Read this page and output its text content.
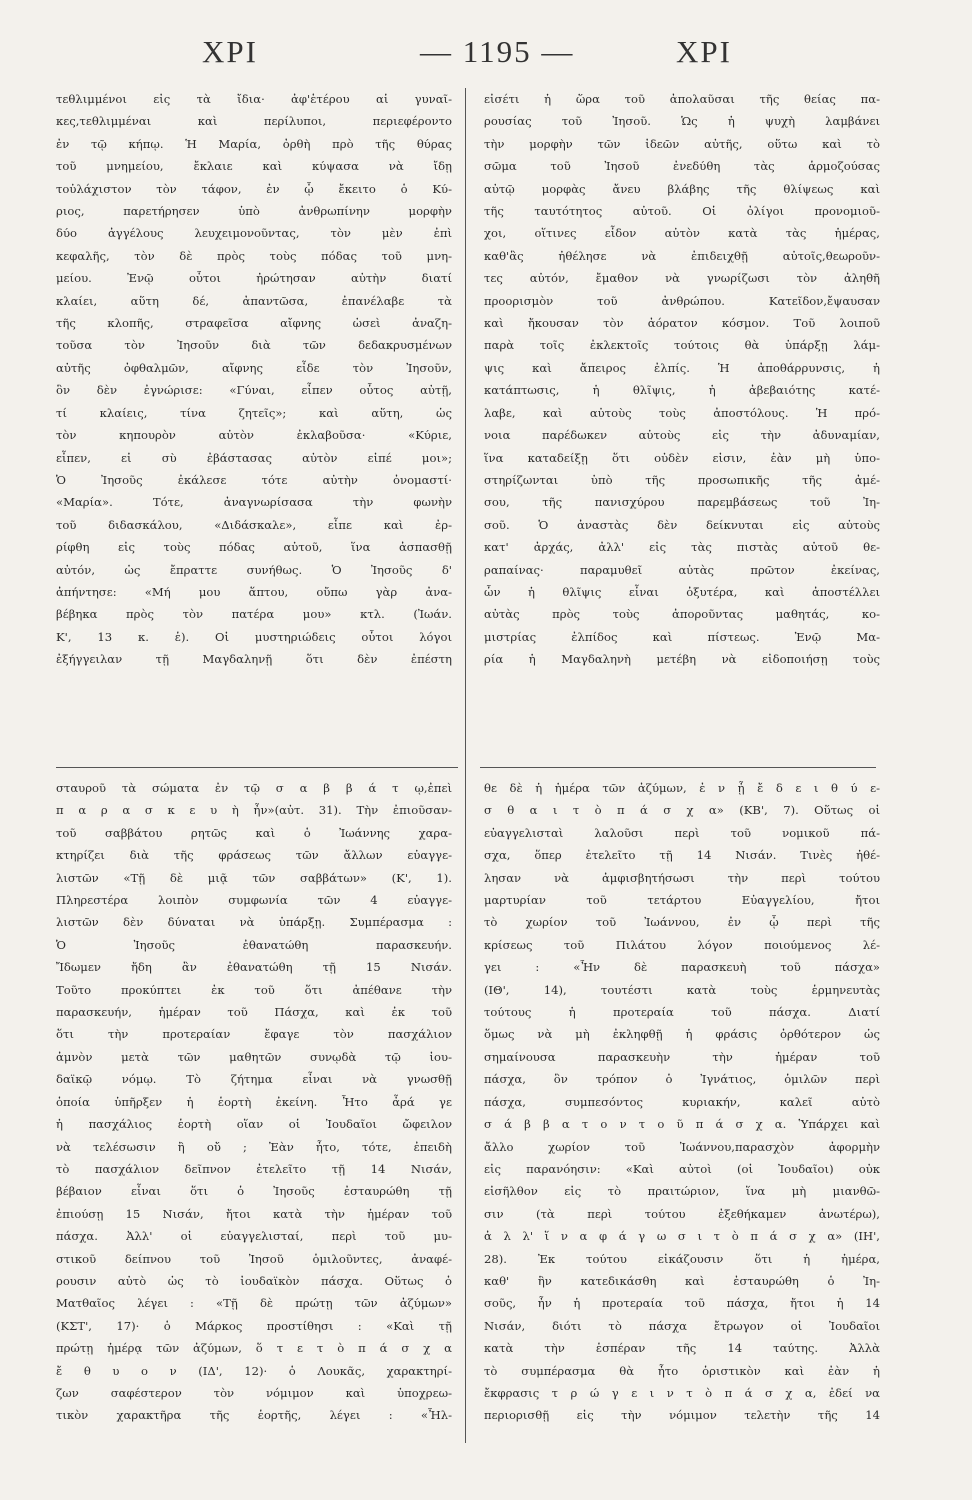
ΧΡΙ	— 1195 —	ΧΡΙ
τεθλιμμένοι εἰς τὰ ἴδια· ἀφ'ἑτέρου αἱ γυναῖ-
κες,τεθλιμμέναι καὶ περίλυποι, περιεφέροντο
ἐν τῷ κήπῳ. Ἡ Μαρία, ὀρθὴ πρὸ τῆς θύρας
τοῦ μνημείου, ἔκλαιε καὶ κύψασα νὰ ἴδῃ
τοὐλάχιστον τὸν τάφον, ἐν ᾧ ἔκειτο ὁ Κύ-
ριος, παρετήρησεν ὑπὸ ἀνθρωπίνην μορφὴν
δύο ἀγγέλους λευχειμονοῦντας, τὸν μὲν ἐπὶ
κεφαλῆς, τὸν δὲ πρὸς τοὺς πόδας τοῦ μνη-
μείου. Ἐνῷ οὗτοι ἠρώτησαν αὐτὴν διατί
κλαίει, αὕτη δέ, ἀπαντῶσα, ἐπανέλαβε τὰ
τῆς κλοπῆς, στραφεῖσα αἴφνης ὡσεὶ ἀναζη-
τοῦσα τὸν Ἰησοῦν διὰ τῶν δεδακρυσμένων
αὐτῆς ὀφθαλμῶν, αἴφνης εἶδε τὸν Ἰησοῦν,
ὃν δὲν ἐγνώρισε: «Γύναι, εἶπεν οὗτος αὐτῇ,
τί κλαίεις, τίνα ζητεῖς»; καὶ αὕτη, ὡς
τὸν κηπουρὸν αὐτὸν ἐκλαβοῦσα· «Κύριε,
εἶπεν, εἰ σὺ ἐβάστασας αὐτὸν εἰπέ μοι»;
Ὁ Ἰησοῦς ἐκάλεσε τότε αὐτὴν ὀνομαστί·
«Μαρία». Τότε, ἀναγνωρίσασα τὴν φωνὴν
τοῦ διδασκάλου, «Διδάσκαλε», εἶπε καὶ ἐρ-
ρίφθη εἰς τοὺς πόδας αὐτοῦ, ἵνα ἀσπασθῇ
αὐτόν, ὡς ἔπραττε συνήθως. Ὁ Ἰησοῦς δ'
ἀπήντησε: «Μή μου ἅπτου, οὔπω γὰρ ἀνα-
βέβηκα πρὸς τὸν πατέρα μου» κτλ. (Ἰωάν.
Κ', 13 κ. ἑ). Οἱ μυστηριώδεις οὗτοι λόγοι
ἐξήγγειλαν τῇ Μαγδαληνῇ ὅτι δὲν ἐπέστη
εἰσέτι ἡ ὥρα τοῦ ἀπολαῦσαι τῆς θείας πα-
ρουσίας τοῦ Ἰησοῦ. Ὡς ἡ ψυχὴ λαμβάνει
τὴν μορφὴν τῶν ἰδεῶν αὐτῆς, οὕτω καὶ τὸ
σῶμα τοῦ Ἰησοῦ ἐνεδύθη τὰς ἁρμοζούσας
αὐτῷ μορφὰς ἄνευ βλάβης τῆς θλίψεως καὶ
τῆς ταυτότητος αὐτοῦ. Οἱ ὀλίγοι προνομιοῦ-
χοι, οἵτινες εἶδον αὐτὸν κατὰ τὰς ἡμέρας,
καθ'ἃς ἠθέλησε νὰ ἐπιδειχθῇ αὐτοῖς,θεωροῦν-
τες αὐτόν, ἔμαθον νὰ γνωρίζωσι τὸν ἀληθῆ
προορισμὸν τοῦ ἀνθρώπου. Κατεῖδον,ἔψαυσαν
καὶ ἤκουσαν τὸν ἀόρατον κόσμον. Τοῦ λοιποῦ
παρὰ τοῖς ἐκλεκτοῖς τούτοις θὰ ὑπάρξῃ λάμ-
ψις καὶ ἄπειρος ἐλπίς. Ἡ ἀποθάρρυνσις, ἡ
κατάπτωσις, ἡ θλῖψις, ἡ ἀβεβαιότης κατέ-
λαβε, καὶ αὐτοὺς τοὺς ἀποστόλους. Ἡ πρό-
νοια παρέδωκεν αὐτοὺς εἰς τὴν ἀδυναμίαν,
ἵνα καταδείξῃ ὅτι οὐδὲν εἰσιν, ἐὰν μὴ ὑπο-
στηρίζωνται ὑπὸ τῆς προσωπικῆς τῆς ἀμέ-
σου, τῆς πανισχύρου παρεμβάσεως τοῦ Ἰη-
σοῦ. Ὁ ἀναστὰς δὲν δείκνυται εἰς αὐτοὺς
κατ' ἀρχάς, ἀλλ' εἰς τὰς πιστὰς αὐτοῦ θε-
ραπαίνας· παραμυθεῖ αὐτὰς πρῶτον ἐκείνας,
ὧν ἡ θλῖψις εἶναι ὀξυτέρα, καὶ ἀποστέλλει
αὐτὰς πρὸς τοὺς ἀποροῦντας μαθητάς, κο-
μιστρίας ἐλπίδος καὶ πίστεως. Ἐνῷ Μα-
ρία ἡ Μαγδαληνὴ μετέβη νὰ εἰδοποιήσῃ τοὺς
σταυροῦ τὰ σώματα ἐν τῷ σ α β β ά τ ῳ,ἐπεὶ
π α ρ α σ κ ε υ ὴ ἦν»(αὐτ. 31). Τὴν ἐπιοῦσαν-
τοῦ σαββάτου ρητῶς καὶ ὁ Ἰωάννης χαρα-
κτηρίζει διὰ τῆς φράσεως τῶν ἄλλων εὐαγγε-
λιστῶν «Τῇ δὲ μιᾷ τῶν σαββάτων» (Κ', 1).
Πληρεστέρα λοιπὸν συμφωνία τῶν 4 εὐαγγε-
λιστῶν δὲν δύναται νὰ ὑπάρξῃ. Συμπέρασμα :
Ὁ Ἰησοῦς ἐθανατώθη παρασκευήν.
Ἴδωμεν ἤδη ἂν ἐθανατώθη τῇ 15 Νισάν.
Τοῦτο προκύπτει ἐκ τοῦ ὅτι ἀπέθανε τὴν
παρασκευήν, ἡμέραν τοῦ Πάσχα, καὶ ἐκ τοῦ
ὅτι τὴν προτεραίαν ἔφαγε τὸν πασχάλιον
ἀμνὸν μετὰ τῶν μαθητῶν συνῳδὰ τῷ ἰου-
δαϊκῷ νόμῳ. Τὸ ζήτημα εἶναι νὰ γνωσθῇ
ὁποία ὑπῆρξεν ἡ ἑορτὴ ἐκείνη. Ἦτο ἆρά γε
ἡ πασχάλιος ἑορτὴ οἵαν οἱ Ἰουδαῖοι ὤφειλον
νὰ τελέσωσιν ἢ οὔ ; Ἐὰν ἦτο, τότε, ἐπειδὴ
τὸ πασχάλιον δεῖπνον ἐτελεῖτο τῇ 14 Νισάν,
βέβαιον εἶναι ὅτι ὁ Ἰησοῦς ἐσταυρώθη τῇ
ἐπιούσῃ 15 Νισάν, ἤτοι κατὰ τὴν ἡμέραν τοῦ
πάσχα. Ἀλλ' οἱ εὐαγγελισταί, περὶ τοῦ μυ-
στικοῦ δείπνου τοῦ Ἰησοῦ ὁμιλοῦντες, ἀναφέ-
ρουσιν αὐτὸ ὡς τὸ ἰουδαϊκὸν πάσχα. Οὕτως ὁ
Ματθαῖος λέγει : «Τῇ δὲ πρώτῃ τῶν ἀζύμων»
(ΚΣΤ', 17)· ὁ Μάρκος προστίθησι : «Καὶ τῇ
πρώτῃ ἡμέρᾳ τῶν ἀζύμων, ὅ τ ε τ ὸ π ά σ χ α
ἔ θ υ ο ν (ΙΔ', 12)· ὁ Λουκᾶς, χαρακτηρί-
ζων σαφέστερον τὸν νόμιμον καὶ ὑποχρεω-
τικὸν χαρακτῆρα τῆς ἑορτῆς, λέγει : «Ἦλ-
θε δὲ ἡ ἡμέρα τῶν ἀζύμων, ἐ ν ᾗ ἔ δ ε ι θ ύ ε-
σ θ α ι τ ὸ π ά σ χ α» (ΚΒ', 7). Οὕτως οἱ
εὐαγγελισταὶ λαλοῦσι περὶ τοῦ νομικοῦ πά-
σχα, ὅπερ ἐτελεῖτο τῇ 14 Νισάν. Τινὲς ἠθέ-
λησαν νὰ ἀμφισβητήσωσι τὴν περὶ τούτου
μαρτυρίαν τοῦ τετάρτου Εὐαγγελίου, ἤτοι
τὸ χωρίον τοῦ Ἰωάννου, ἐν ᾧ περὶ τῆς
κρίσεως τοῦ Πιλάτου λόγον ποιούμενος λέ-
γει : «Ἦν δὲ παρασκευὴ τοῦ πάσχα»
(ΙΘ', 14), τουτέστι κατὰ τοὺς ἑρμηνευτὰς
τούτους ἡ προτεραία τοῦ πάσχα. Διατί
ὅμως νὰ μὴ ἐκληφθῇ ἡ φράσις ὀρθότερον ὡς
σημαίνουσα παρασκευὴν τὴν ἡμέραν τοῦ
πάσχα, ὃν τρόπον ὁ Ἰγνάτιος, ὁμιλῶν περὶ
πάσχα, συμπεσόντος κυριακήν, καλεῖ αὐτὸ
σ ά β β α τ ο ν τ ο ῦ π ά σ χ α. Ὑπάρχει καὶ
ἄλλο χωρίον τοῦ Ἰωάννου,παρασχὸν ἀφορμὴν
εἰς παρανόησιν: «Καὶ αὐτοὶ (οἱ Ἰουδαῖοι) οὐκ
εἰσῆλθον εἰς τὸ πραιτώριον, ἵνα μὴ μιανθῶ-
σιν (τὰ περὶ τούτου ἐξεθήκαμεν ἀνωτέρω),
ἀ λ λ' ἵ ν α φ ά γ ω σ ι τ ὸ π ά σ χ α» (ΙΗ',
28). Ἐκ τούτου εἰκάζουσιν ὅτι ἡ ἡμέρα,
καθ' ἣν κατεδικάσθη καὶ ἐσταυρώθη ὁ Ἰη-
σοῦς, ἦν ἡ προτεραία τοῦ πάσχα, ἤτοι ἡ 14
Νισάν, διότι τὸ πάσχα ἔτρωγον οἱ Ἰουδαῖοι
κατὰ τὴν ἑσπέραν τῆς 14 ταύτης. Ἀλλὰ
τὸ συμπέρασμα θὰ ἦτο ὁριστικὸν καὶ ἐὰν ἡ
ἔκφρασις τ ρ ώ γ ε ι ν τ ὸ π ά σ χ α, ἐδεί να
περιορισθῇ εἰς τὴν νόμιμον τελετὴν τῆς 14
